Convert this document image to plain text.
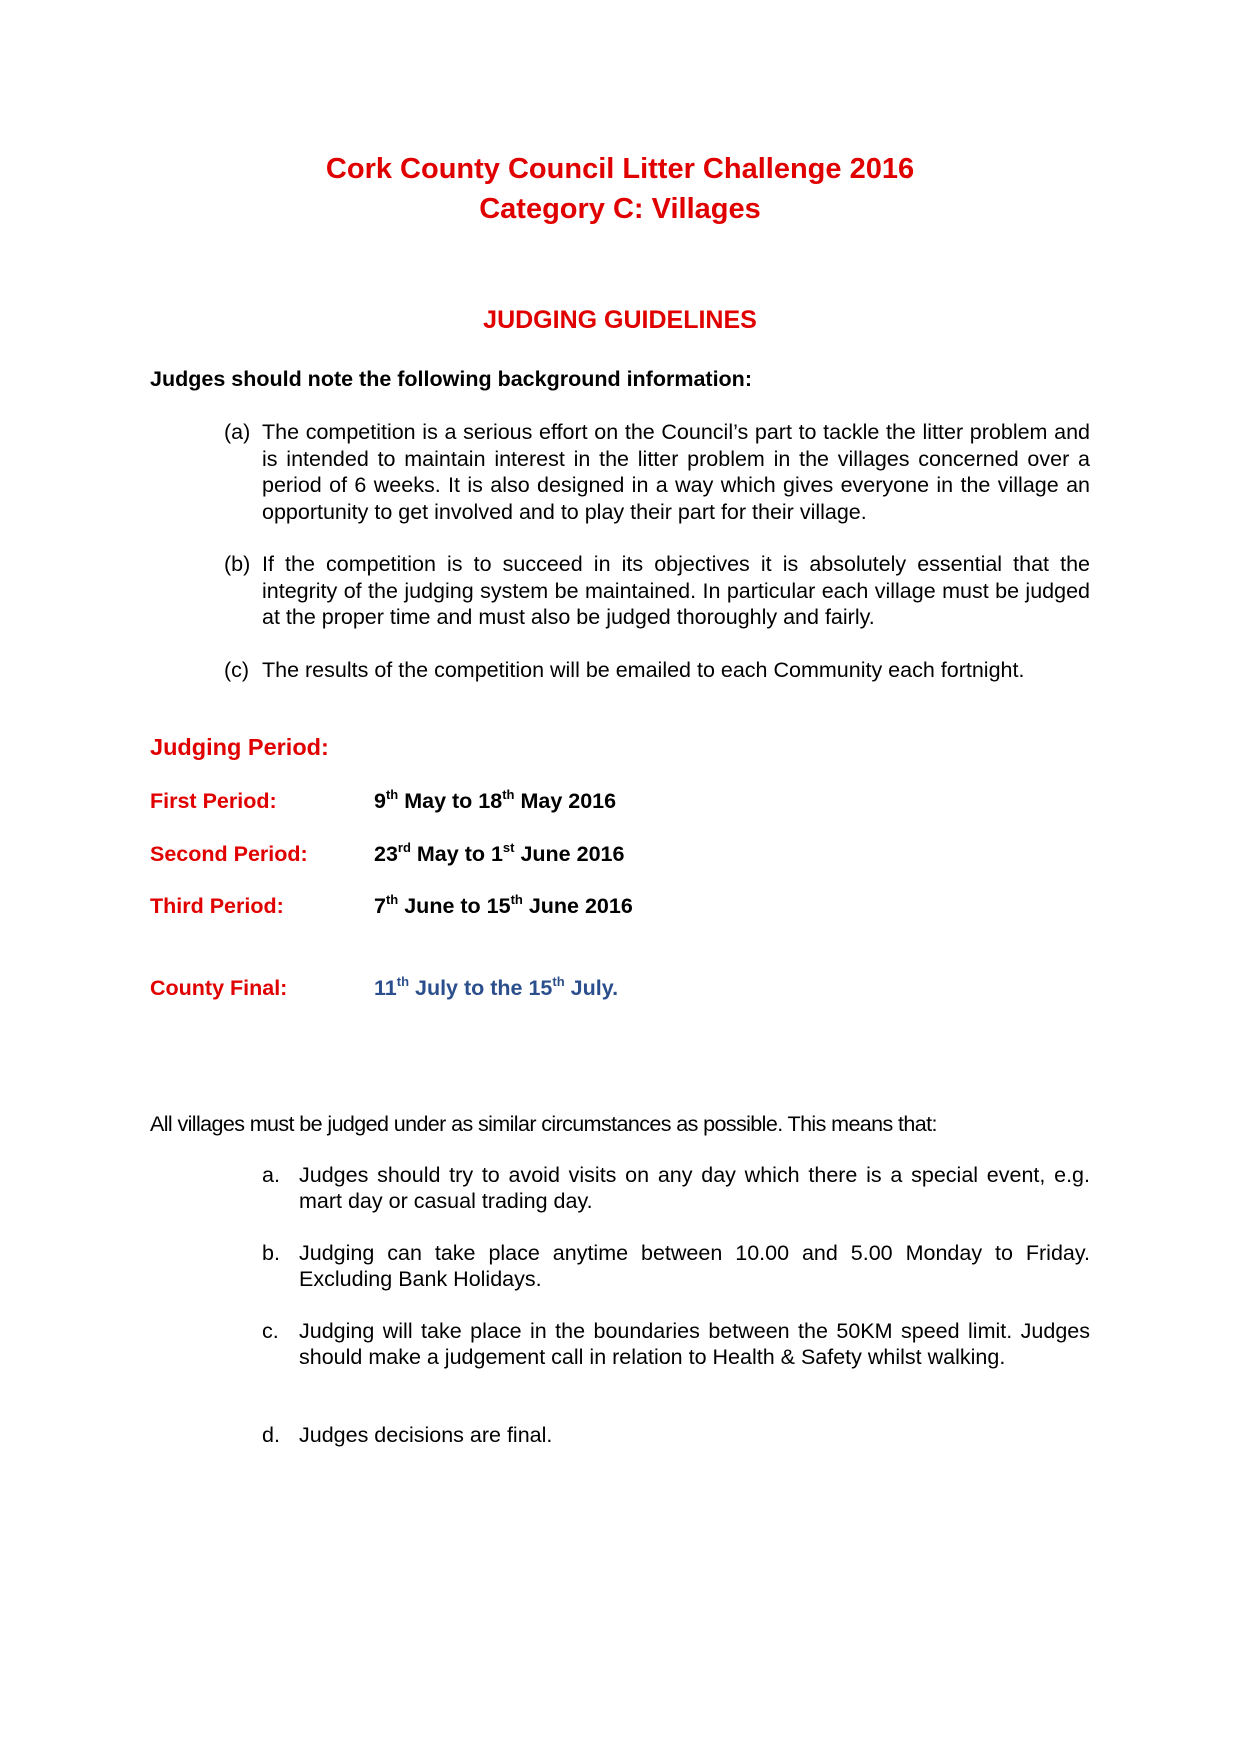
Cork County Council Litter Challenge 2016
Category C: Villages
JUDGING GUIDELINES
Judges should note the following background information:
(a) The competition is a serious effort on the Council’s part to tackle the litter problem and is intended to maintain interest in the litter problem in the villages concerned over a period of 6 weeks. It is also designed in a way which gives everyone in the village an opportunity to get involved and to play their part for their village.
(b) If the competition is to succeed in its objectives it is absolutely essential that the integrity of the judging system be maintained. In particular each village must be judged at the proper time and must also be judged thoroughly and fairly.
(c) The results of the competition will be emailed to each Community each fortnight.
Judging Period:
First Period:	9th May to 18th May 2016
Second Period:	23rd May to 1st June 2016
Third Period:	7th June to 15th June 2016
County Final:	11th July to the 15th July.
All villages must be judged under as similar circumstances as possible. This means that:
a. Judges should try to avoid visits on any day which there is a special event, e.g. mart day or casual trading day.
b. Judging can take place anytime between 10.00 and 5.00 Monday to Friday. Excluding Bank Holidays.
c. Judging will take place in the boundaries between the 50KM speed limit. Judges should make a judgement call in relation to Health & Safety whilst walking.
d. Judges decisions are final.
